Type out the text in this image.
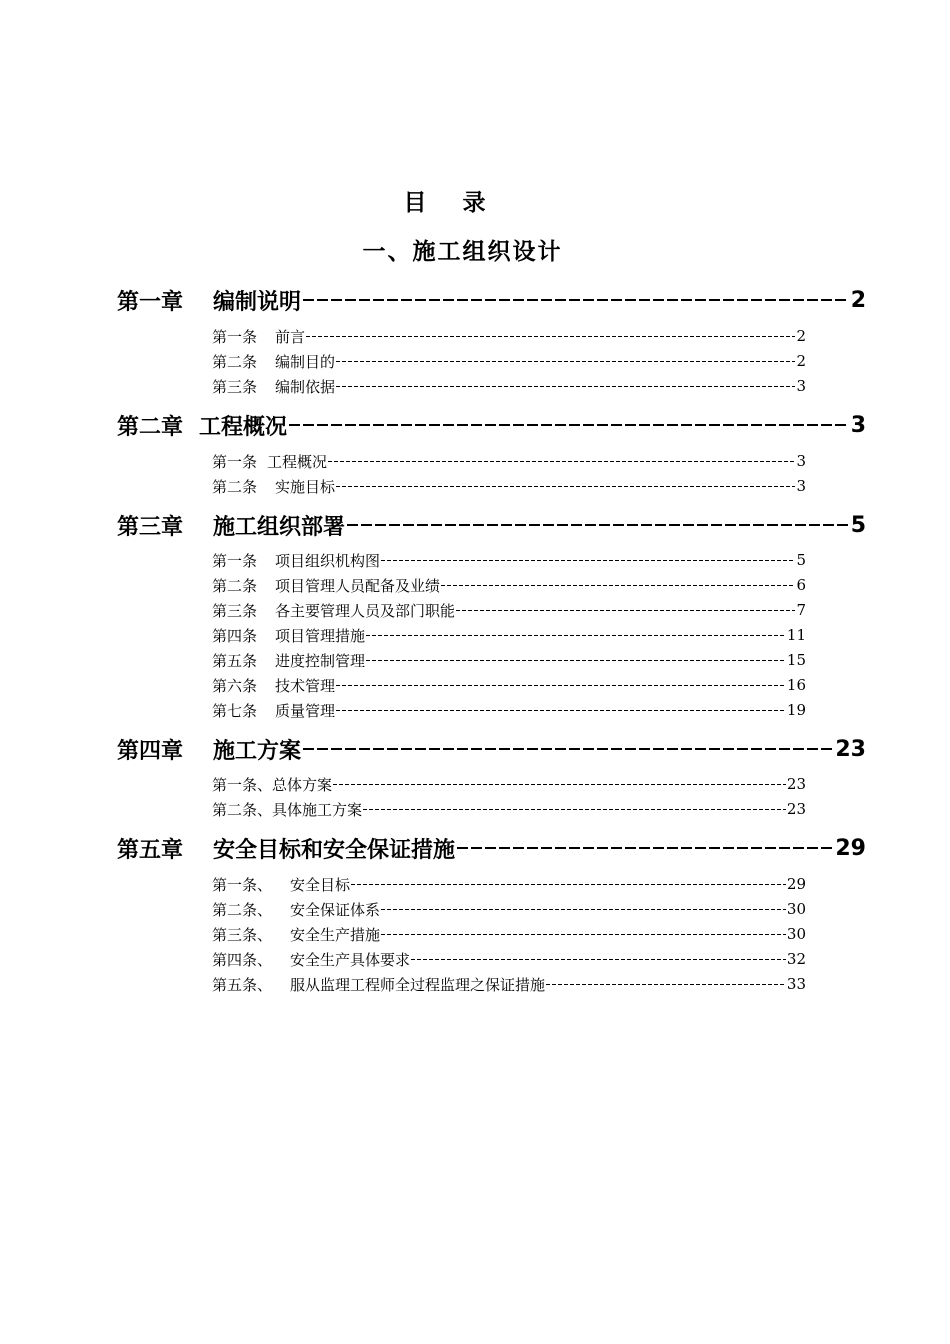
目录
一、施工组织设计
第一章 编制说明	2
第一条 前言	2
第二条 编制目的	2
第三条 编制依据	3
第二章 工程概况	3
第一条 工程概况	3
第二条 实施目标	3
第三章 施工组织部署	5
第一条 项目组织机构图	5
第二条 项目管理人员配备及业绩	6
第三条 各主要管理人员及部门职能	7
第四条 项目管理措施	11
第五条 进度控制管理	15
第六条 技术管理	16
第七条 质量管理	19
第四章 施工方案	23
第一条、 总体方案	23
第二条、 具体施工方案	23
第五章 安全目标和安全保证措施	29
第一条、 安全目标	29
第二条、 安全保证体系	30
第三条、 安全生产措施	30
第四条、 安全生产具体要求	32
第五条、 服从监理工程师全过程监理之保证措施	33
